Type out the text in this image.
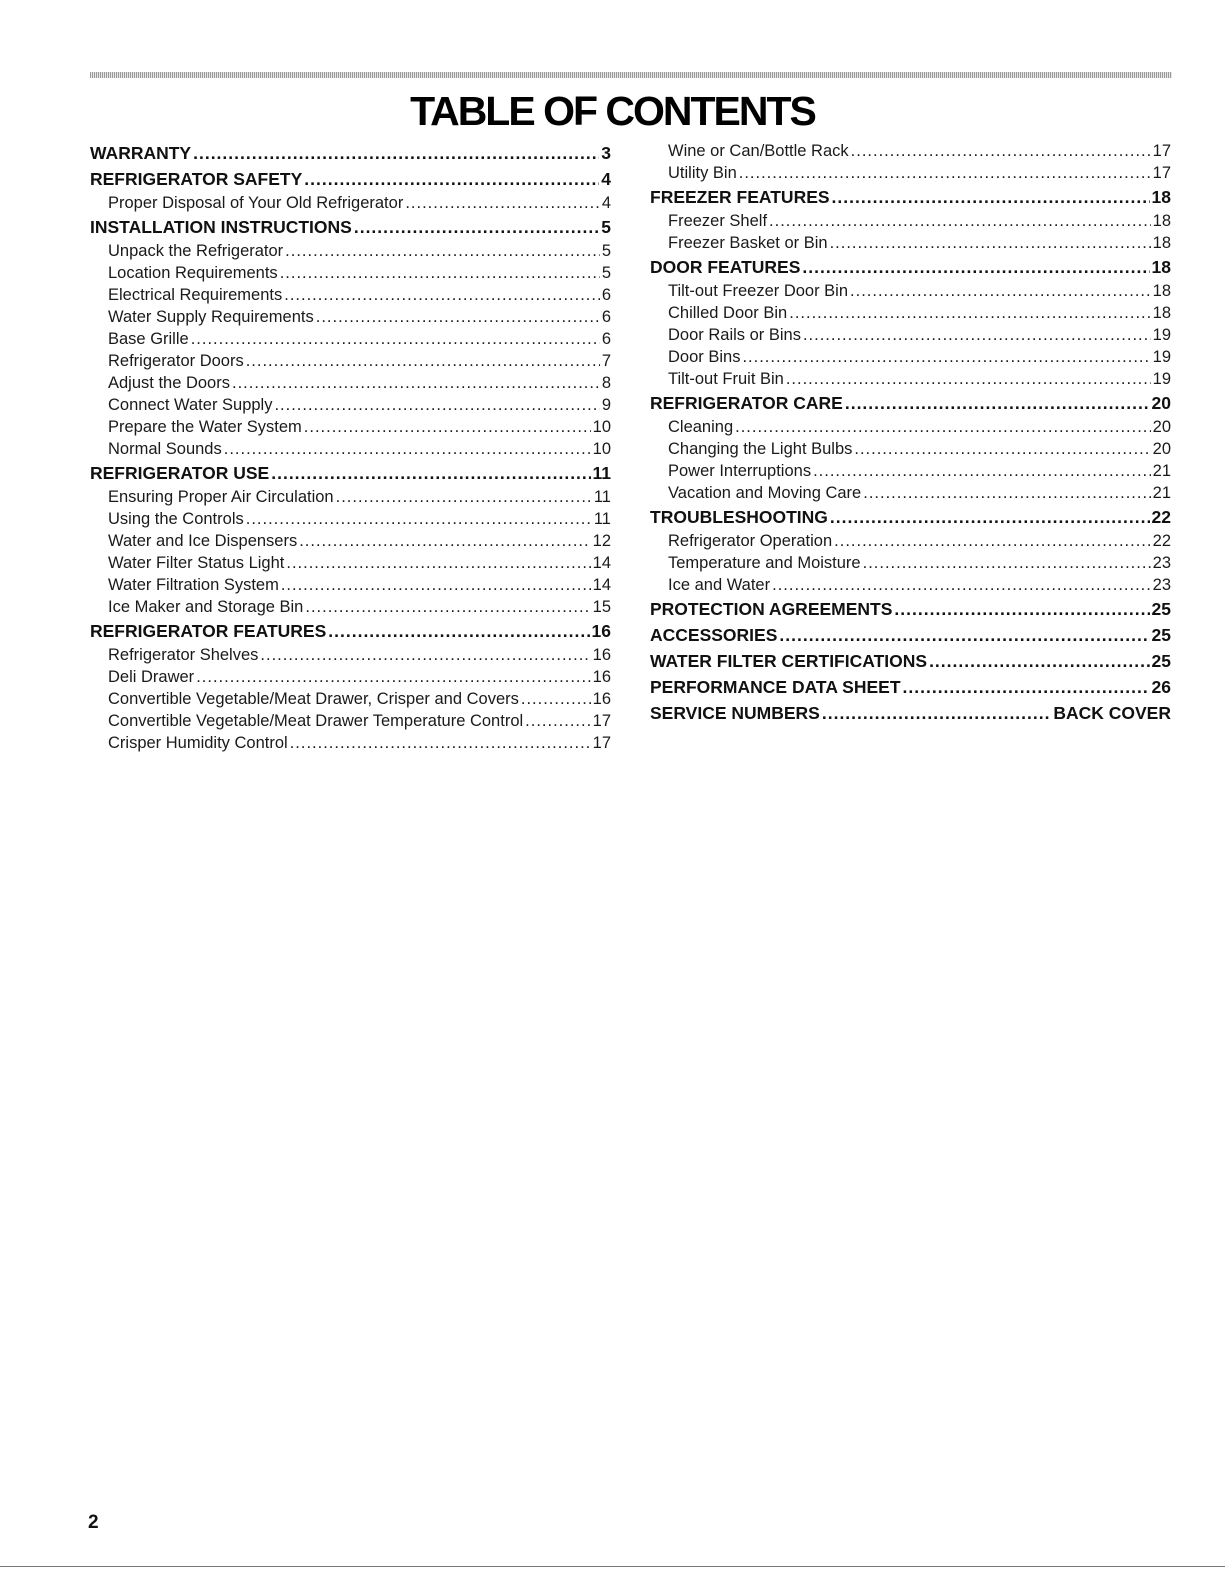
TABLE OF CONTENTS
WARRANTY .....	3
REFRIGERATOR SAFETY .....	4
Proper Disposal of Your Old Refrigerator .....	4
INSTALLATION INSTRUCTIONS .....	5
Unpack the Refrigerator .....	5
Location Requirements .....	5
Electrical Requirements .....	6
Water Supply Requirements .....	6
Base Grille .....	6
Refrigerator Doors .....	7
Adjust the Doors .....	8
Connect Water Supply .....	9
Prepare the Water System .....	10
Normal Sounds .....	10
REFRIGERATOR USE .....	11
Ensuring Proper Air Circulation .....	11
Using the Controls .....	11
Water and Ice Dispensers .....	12
Water Filter Status Light .....	14
Water Filtration System .....	14
Ice Maker and Storage Bin .....	15
REFRIGERATOR FEATURES .....	16
Refrigerator Shelves .....	16
Deli Drawer .....	16
Convertible Vegetable/Meat Drawer, Crisper and Covers .....	16
Convertible Vegetable/Meat Drawer Temperature Control .....	17
Crisper Humidity Control .....	17
Wine or Can/Bottle Rack .....	17
Utility Bin .....	17
FREEZER FEATURES .....	18
Freezer Shelf .....	18
Freezer Basket or Bin .....	18
DOOR FEATURES .....	18
Tilt-out Freezer Door Bin .....	18
Chilled Door Bin .....	18
Door Rails or Bins .....	19
Door Bins .....	19
Tilt-out Fruit Bin .....	19
REFRIGERATOR CARE .....	20
Cleaning .....	20
Changing the Light Bulbs .....	20
Power Interruptions .....	21
Vacation and Moving Care .....	21
TROUBLESHOOTING .....	22
Refrigerator Operation .....	22
Temperature and Moisture .....	23
Ice and Water .....	23
PROTECTION AGREEMENTS .....	25
ACCESSORIES .....	25
WATER FILTER CERTIFICATIONS .....	25
PERFORMANCE DATA SHEET .....	26
SERVICE NUMBERS .....	BACK COVER
2
